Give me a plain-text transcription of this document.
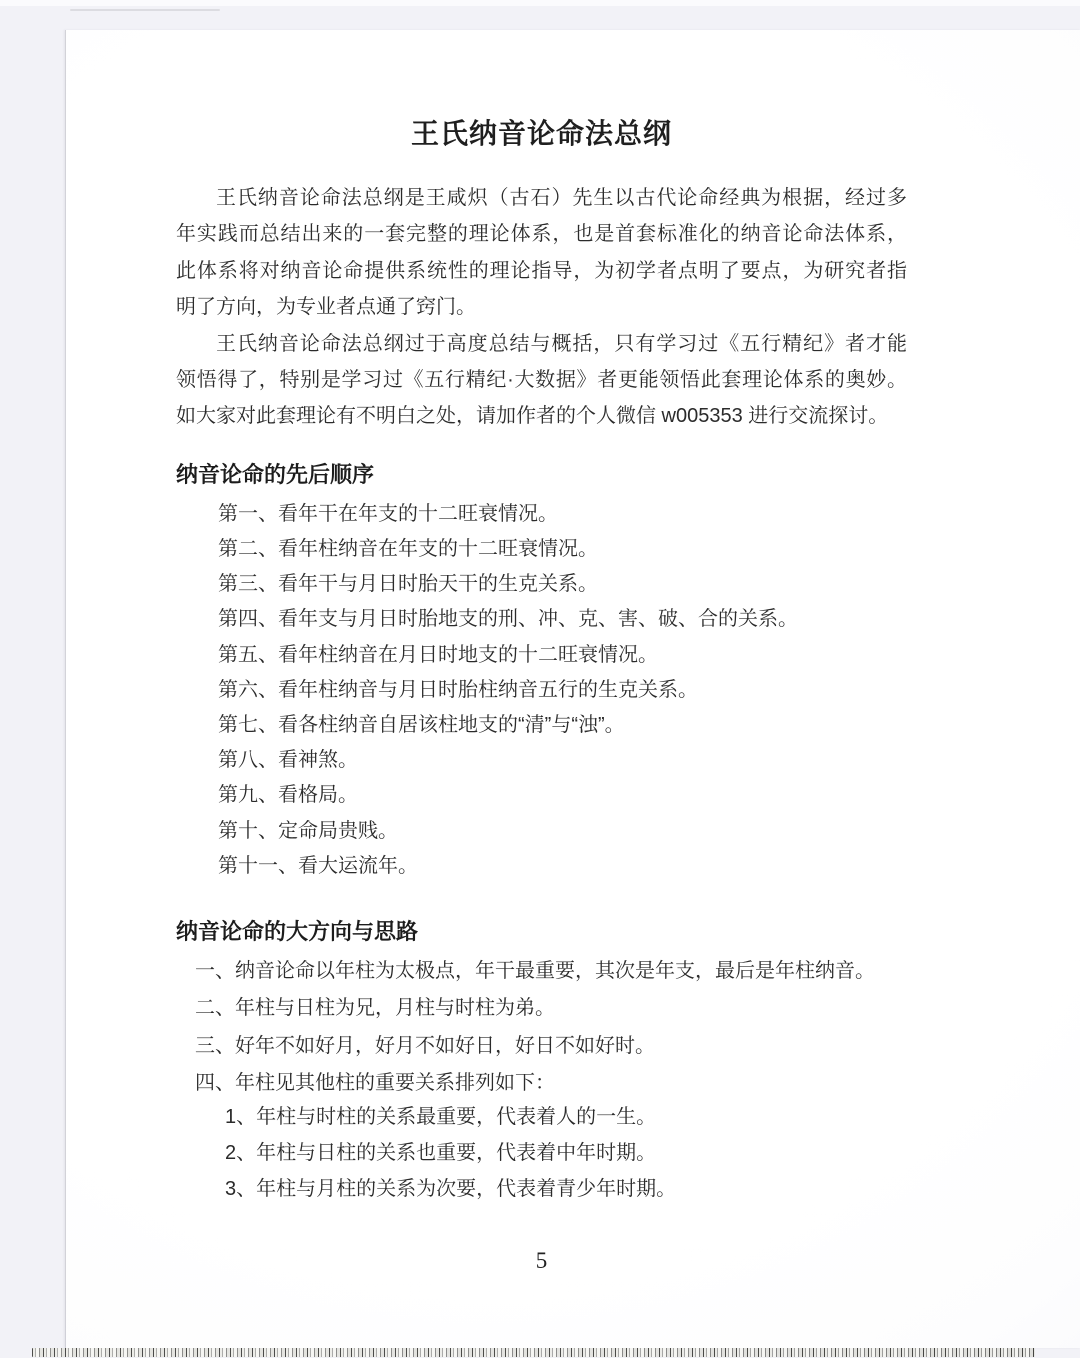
王氏纳音论命法总纲
王氏纳音论命法总纲是王咸炽（古石）先生以古代论命经典为根据，经过多
年实践而总结出来的一套完整的理论体系，也是首套标准化的纳音论命法体系，
此体系将对纳音论命提供系统性的理论指导，为初学者点明了要点，为研究者指
明了方向，为专业者点通了窍门。
王氏纳音论命法总纲过于高度总结与概括，只有学习过《五行精纪》者才能
领悟得了，特别是学习过《五行精纪·大数据》者更能领悟此套理论体系的奥妙。
如大家对此套理论有不明白之处，请加作者的个人微信 w005353 进行交流探讨。
纳音论命的先后顺序
第一、看年干在年支的十二旺衰情况。
第二、看年柱纳音在年支的十二旺衰情况。
第三、看年干与月日时胎天干的生克关系。
第四、看年支与月日时胎地支的刑、冲、克、害、破、合的关系。
第五、看年柱纳音在月日时地支的十二旺衰情况。
第六、看年柱纳音与月日时胎柱纳音五行的生克关系。
第七、看各柱纳音自居该柱地支的“清”与“浊”。
第八、看神煞。
第九、看格局。
第十、定命局贵贱。
第十一、看大运流年。
纳音论命的大方向与思路
一、纳音论命以年柱为太极点，年干最重要，其次是年支，最后是年柱纳音。
二、年柱与日柱为兄，月柱与时柱为弟。
三、好年不如好月，好月不如好日，好日不如好时。
四、年柱见其他柱的重要关系排列如下：
1、年柱与时柱的关系最重要，代表着人的一生。
2、年柱与日柱的关系也重要，代表着中年时期。
3、年柱与月柱的关系为次要，代表着青少年时期。
5
